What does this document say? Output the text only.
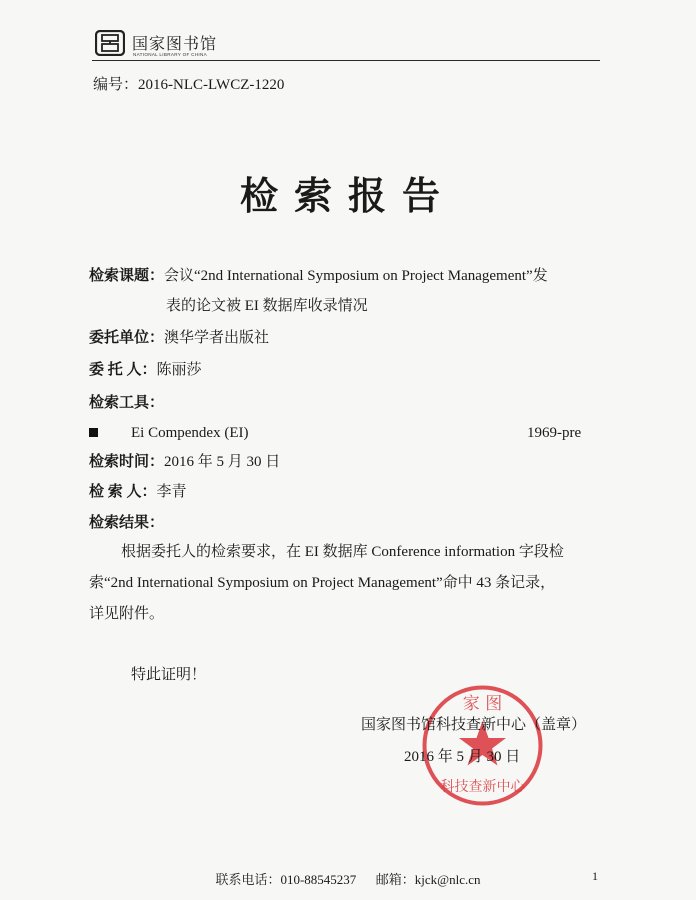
国家图书馆
NATIONAL LIBRARY OF CHINA
编号：2016-NLC-LWCZ-1220
检索报告
检索课题：会议“2nd International Symposium on Project Management”发
表的论文被 EI 数据库收录情况
委托单位：澳华学者出版社
委 托 人：陈丽莎
检索工具：
Ei Compendex (EI)	1969-pre
检索时间：2016 年 5 月 30 日
检 索 人：李青
检索结果：
根据委托人的检索要求，在 EI 数据库 Conference information 字段检
索“2nd International Symposium on Project Management”命中 43 条记录，
详见附件。
特此证明！
家 图
科技查新中心
国家图书馆科技查新中心（盖章）
2016 年 5 月 30 日
联系电话：010-88545237 邮箱：kjck@nlc.cn	1
